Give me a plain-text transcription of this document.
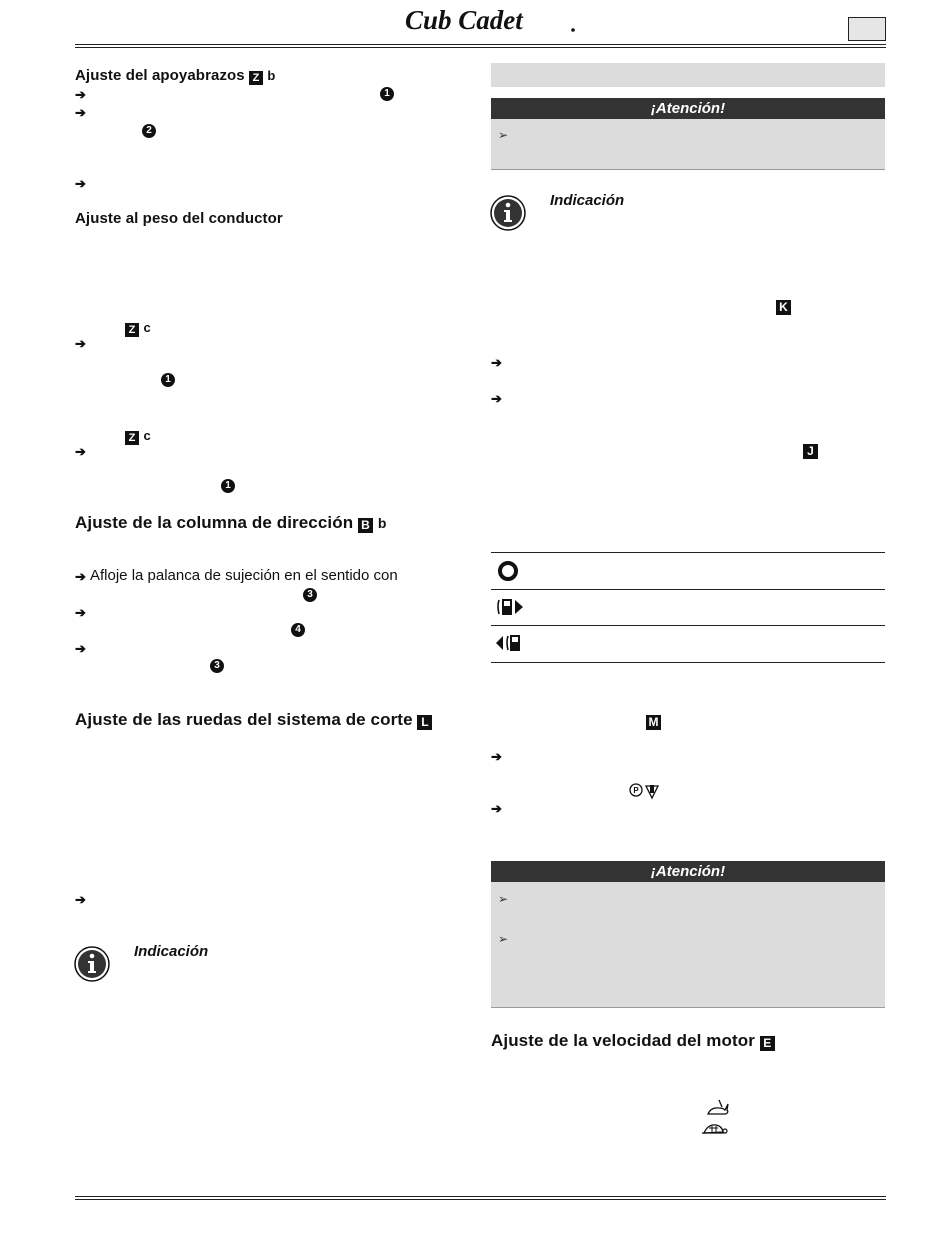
Cub Cadet
Ajuste del apoyabrazos Z b
➔	1
➔
2
➔
Ajuste al peso del conductor
Z c
➔
1
Z c
➔
1
Ajuste de la columna de dirección B b
➔ Afloje la palanca de sujeción en el sentido con
3
➔
4
➔
3
Ajuste de las ruedas del sistema de corte L
➔
Indicación
¡Atención!
➢
Indicación
K
➔
➔
J
M
➔
P
➔
¡Atención!
➢
➢
Ajuste de la velocidad del motor E
